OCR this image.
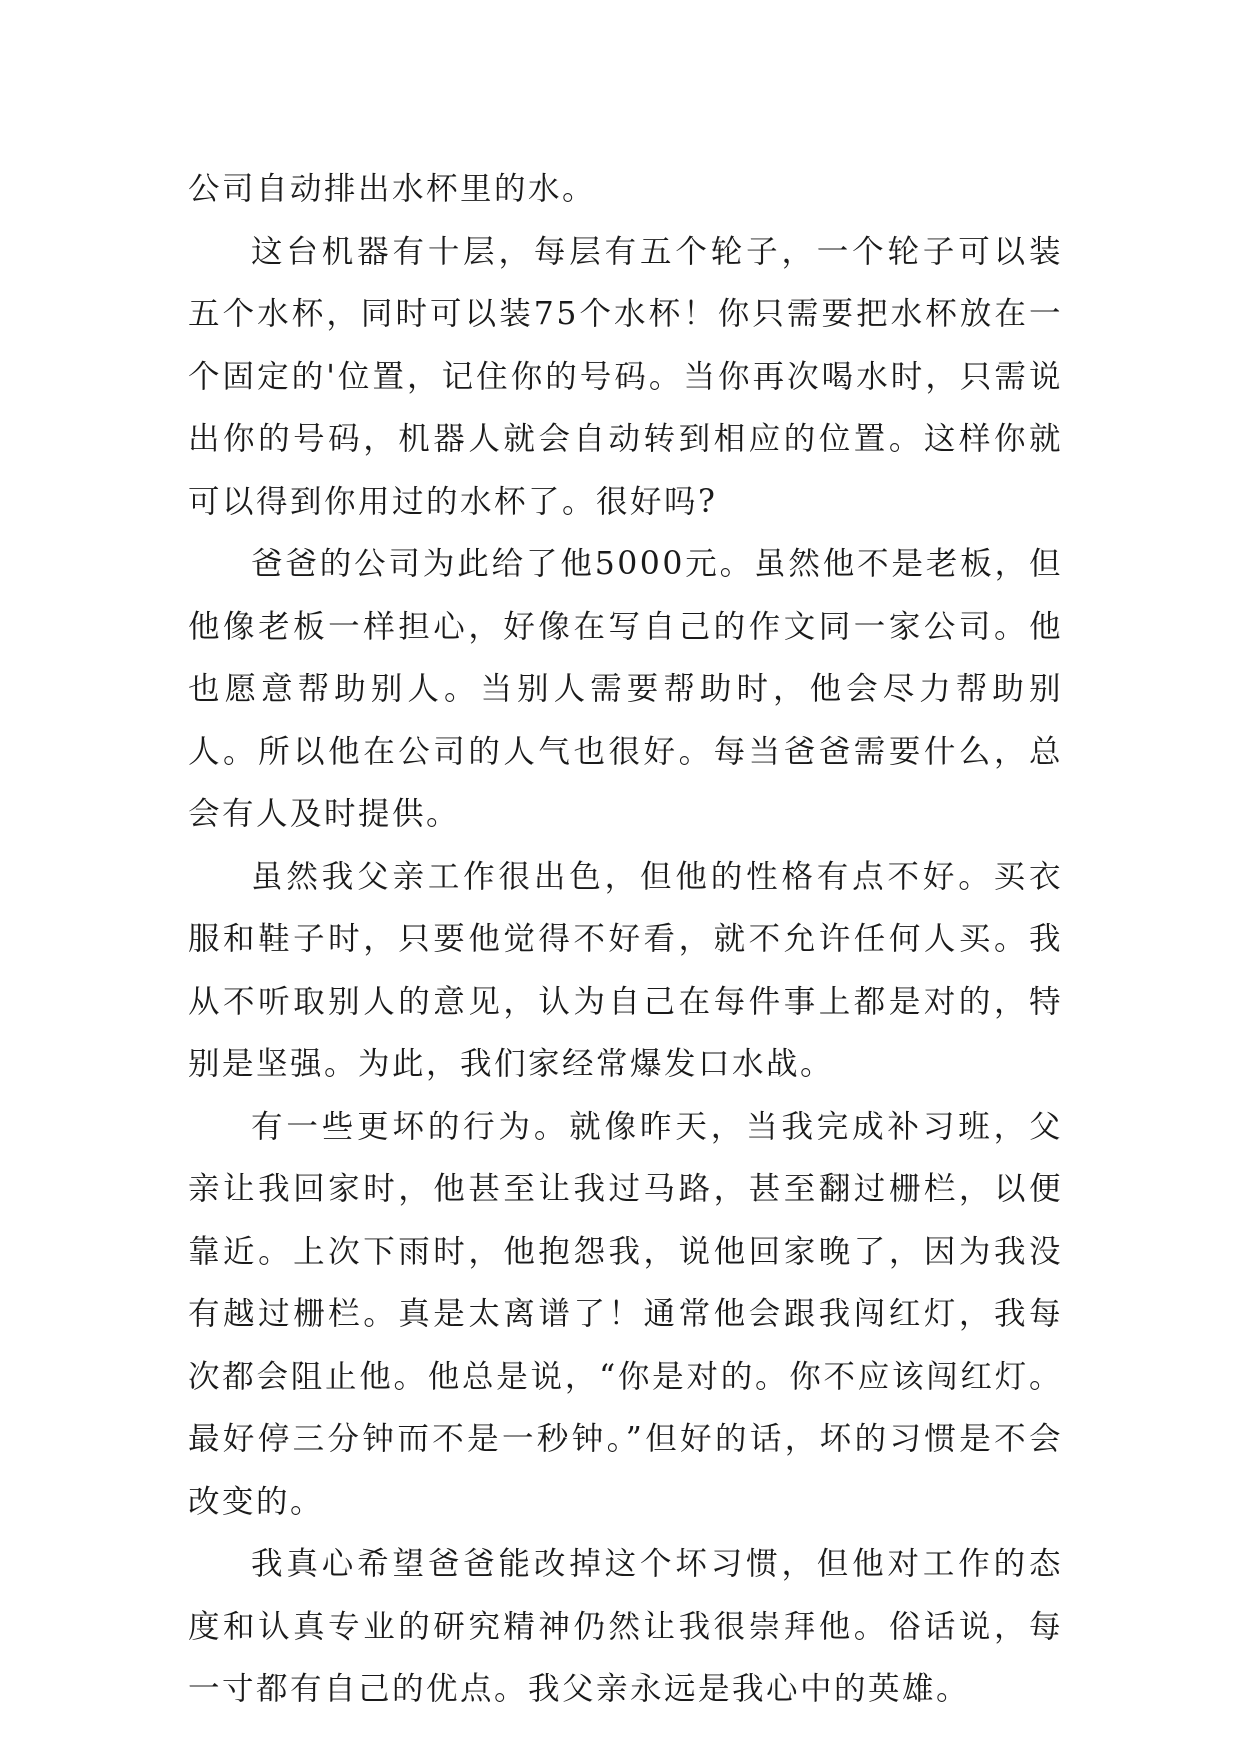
公司自动排出水杯里的水。

这台机器有十层，每层有五个轮子，一个轮子可以装五个水杯，同时可以装75个水杯！你只需要把水杯放在一个固定的'位置，记住你的号码。当你再次喝水时，只需说出你的号码，机器人就会自动转到相应的位置。这样你就可以得到你用过的水杯了。很好吗?

爸爸的公司为此给了他5000元。虽然他不是老板，但他像老板一样担心，好像在写自己的作文同一家公司。他也愿意帮助别人。当别人需要帮助时，他会尽力帮助别人。所以他在公司的人气也很好。每当爸爸需要什么，总会有人及时提供。

虽然我父亲工作很出色，但他的性格有点不好。买衣服和鞋子时，只要他觉得不好看，就不允许任何人买。我从不听取别人的意见，认为自己在每件事上都是对的，特别是坚强。为此，我们家经常爆发口水战。

有一些更坏的行为。就像昨天，当我完成补习班，父亲让我回家时，他甚至让我过马路，甚至翻过栅栏，以便靠近。上次下雨时，他抱怨我，说他回家晚了，因为我没有越过栅栏。真是太离谱了！通常他会跟我闯红灯，我每次都会阻止他。他总是说，“你是对的。你不应该闯红灯。最好停三分钟而不是一秒钟。”但好的话，坏的习惯是不会改变的。

我真心希望爸爸能改掉这个坏习惯，但他对工作的态度和认真专业的研究精神仍然让我很崇拜他。俗话说，每一寸都有自己的优点。我父亲永远是我心中的英雄。
